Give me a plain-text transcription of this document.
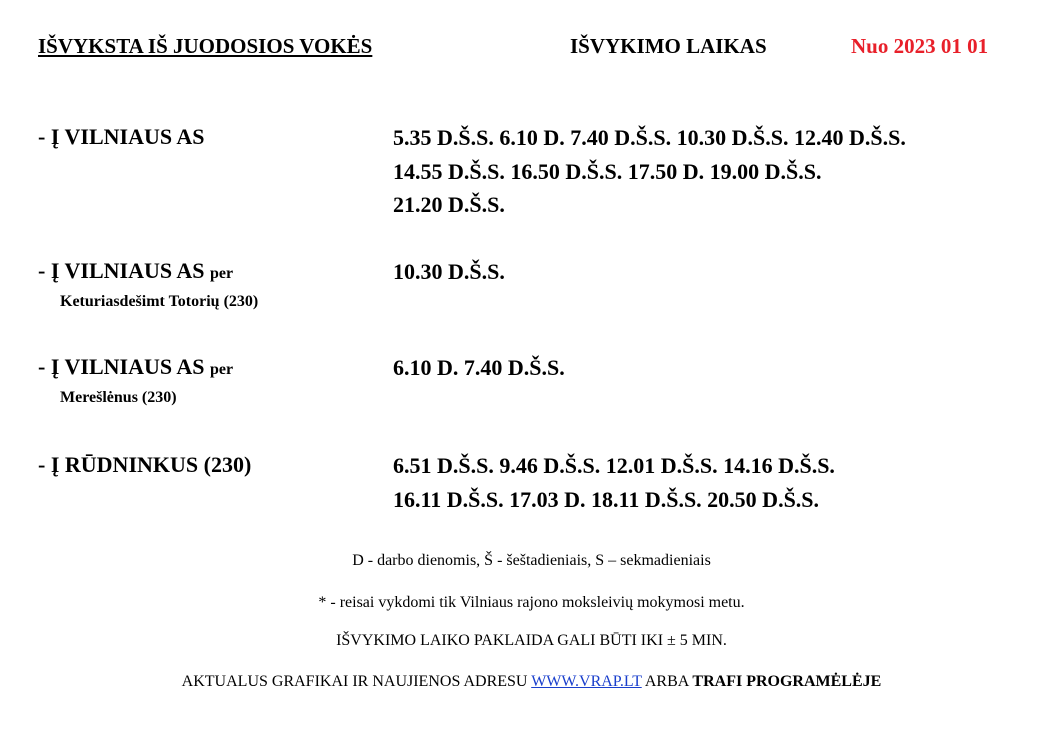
IŠVYKSTA IŠ JUODOSIOS VOKĖS	IŠVYKIMO LAIKAS	Nuo 2023 01 01
- Į VILNIAUS AS	5.35 D.Š.S. 6.10 D. 7.40 D.Š.S. 10.30 D.Š.S. 12.40 D.Š.S.
14.55 D.Š.S. 16.50 D.Š.S. 17.50 D. 19.00 D.Š.S.
21.20 D.Š.S.
- Į VILNIAUS AS per
Keturiasdešimt Totorių (230)
10.30 D.Š.S.
- Į VILNIAUS AS per
Merešlėnus (230)
6.10 D. 7.40 D.Š.S.
- Į RŪDNINKUS (230)	6.51 D.Š.S. 9.46 D.Š.S. 12.01 D.Š.S. 14.16 D.Š.S.
16.11 D.Š.S. 17.03 D. 18.11 D.Š.S. 20.50 D.Š.S.
D - darbo dienomis, Š - šeštadieniais, S – sekmadieniais
* - reisai vykdomi tik Vilniaus rajono moksleivių mokymosi metu.
IŠVYKIMO LAIKO PAKLAIDA GALI BŪTI IKI ± 5 MIN.
AKTUALUS GRAFIKAI IR NAUJIENOS ADRESU WWW.VRAP.LT ARBA TRAFI PROGRAMĖLĖJE
